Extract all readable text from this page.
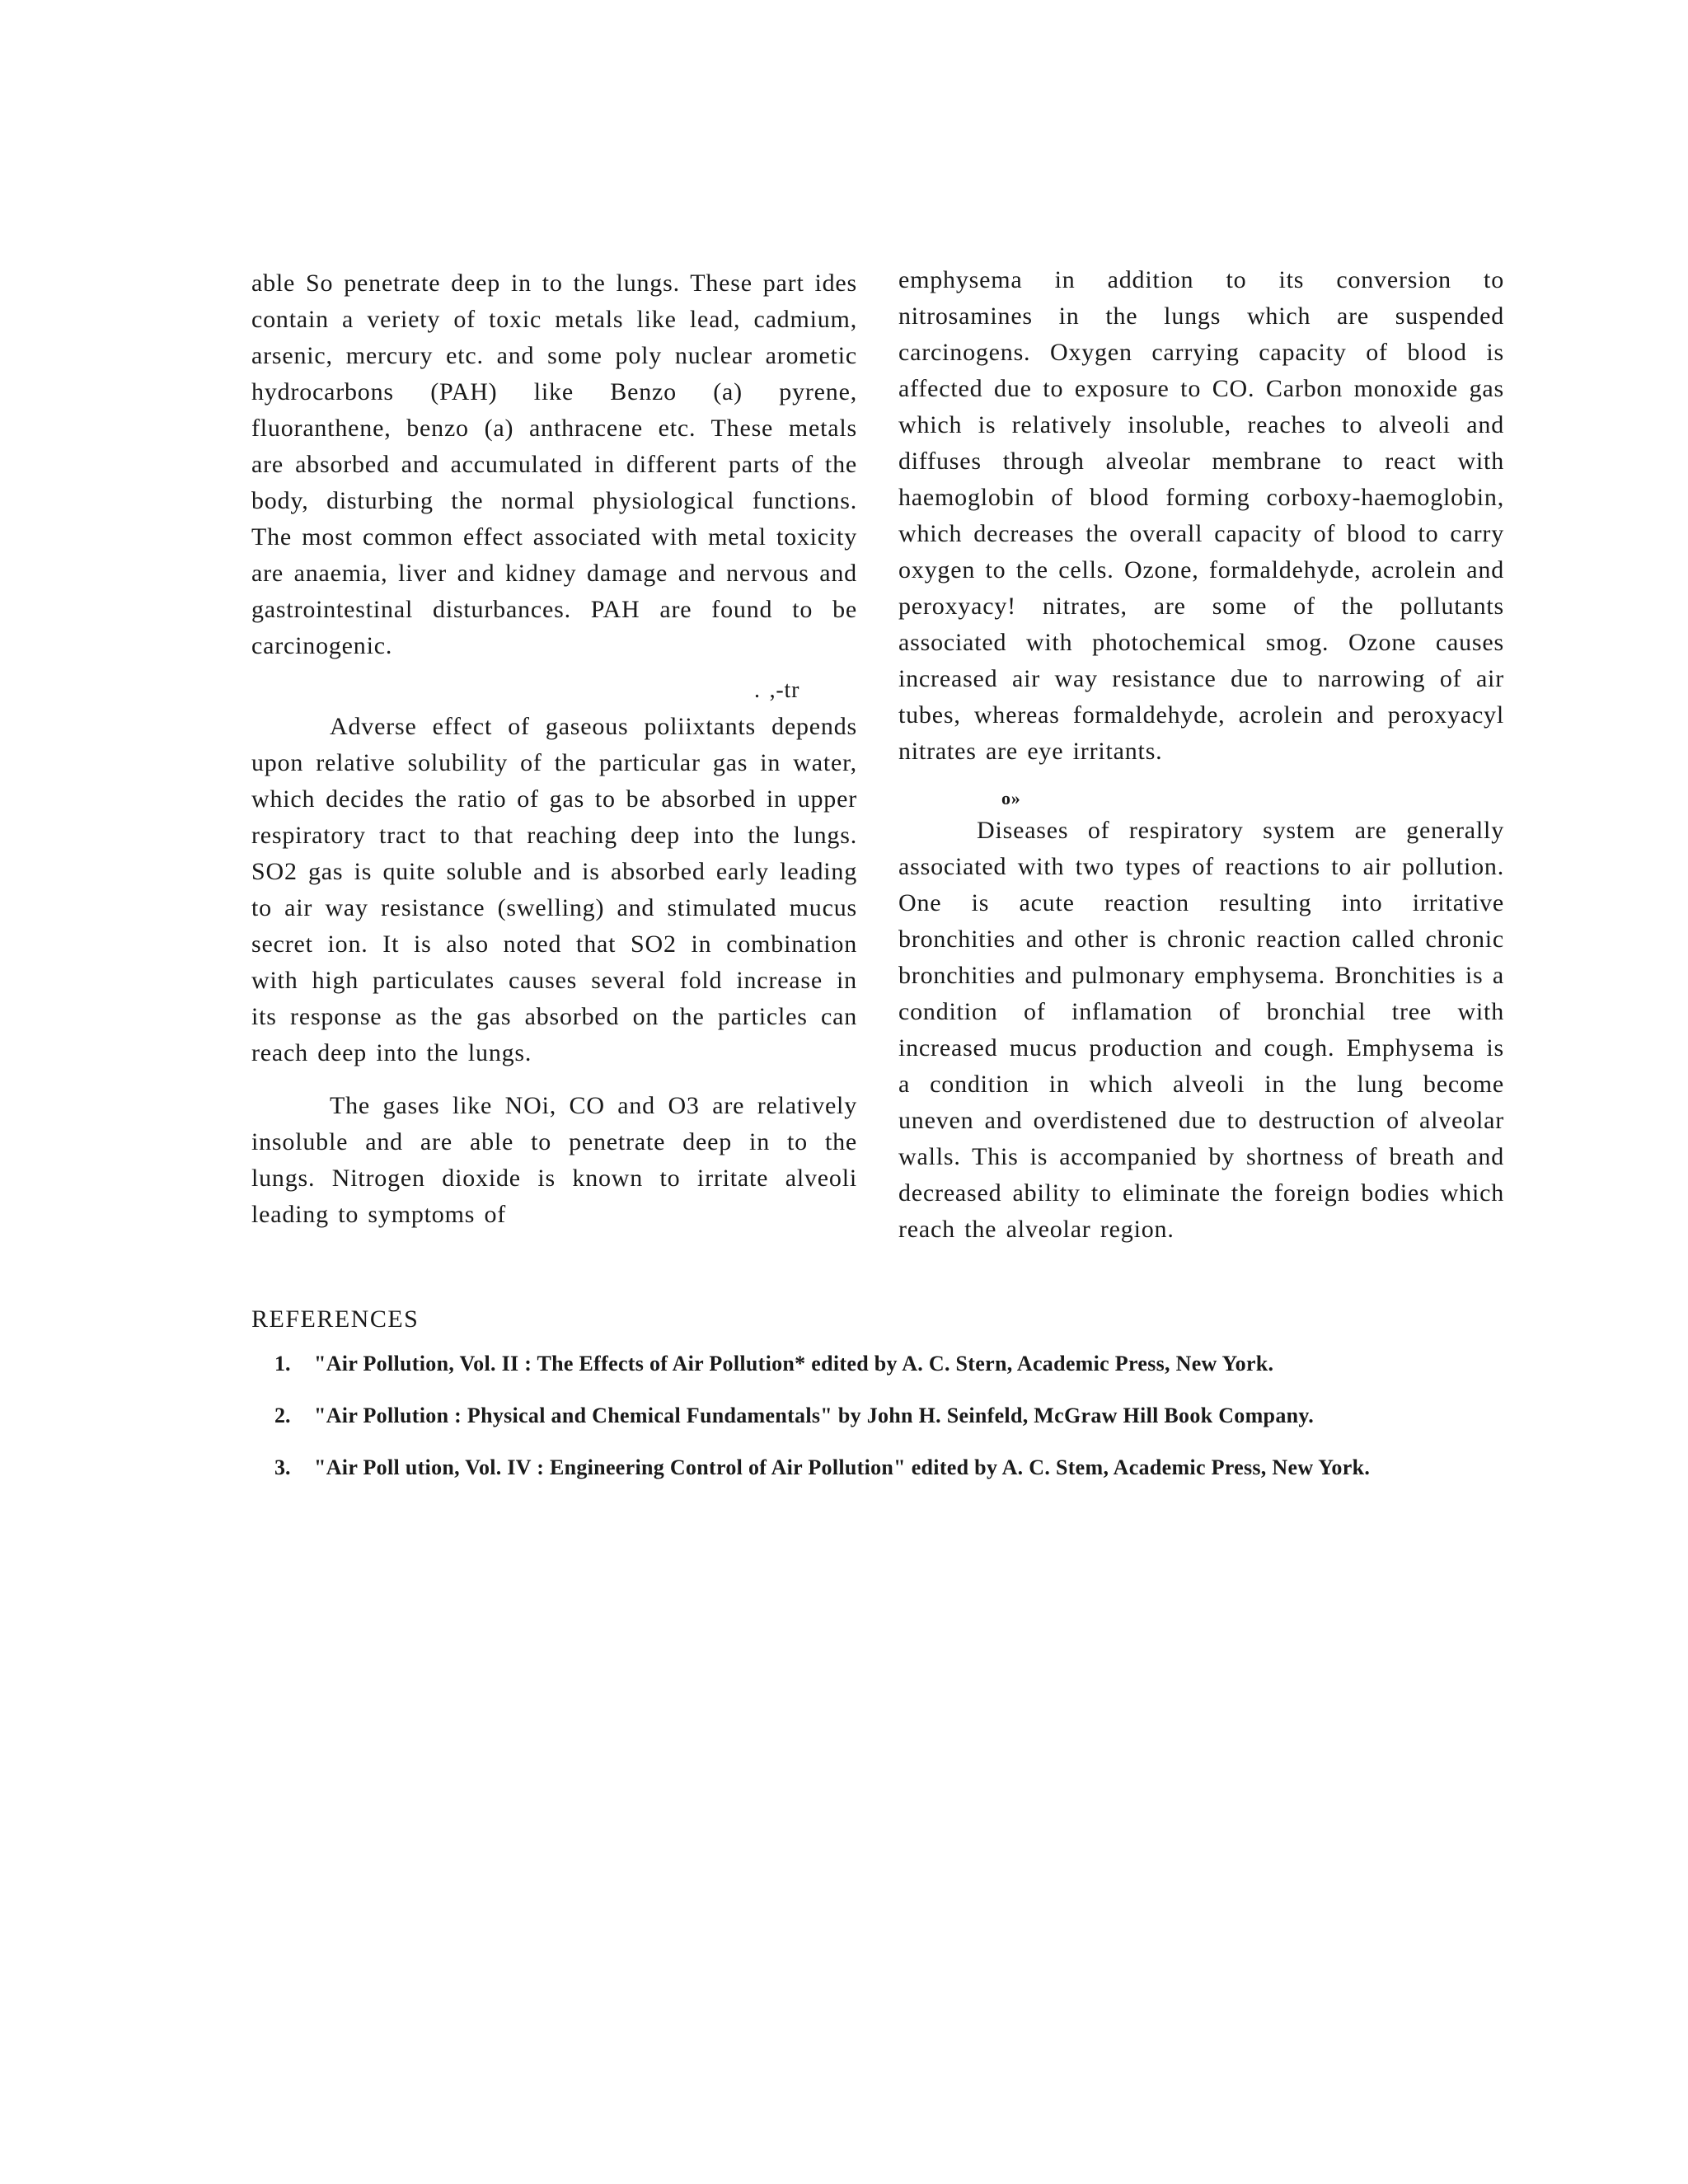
able So penetrate deep in to the lungs. These part ides contain a veriety of toxic metals like lead, cadmium, arsenic, mercury etc. and some poly nuclear arometic hydrocarbons (PAH) like Benzo (a) pyrene, fluoranthene, benzo (a) anthracene etc. These metals are absorbed and accumulated in different parts of the body, disturbing the normal physiological functions. The most common effect associated with metal toxicity are anaemia, liver and kidney damage and nervous and gastrointestinal disturbances. PAH are found to be carcinogenic.

. ,-tr

Adverse effect of gaseous poliixtants depends upon relative solubility of the particular gas in water, which decides the ratio of gas to be absorbed in upper respiratory tract to that reaching deep into the lungs. SO2 gas is quite soluble and is absorbed early leading to air way resistance (swelling) and stimulated mucus secret ion. It is also noted that SO2 in combination with high particulates causes several fold increase in its response as the gas absorbed on the particles can reach deep into the lungs.

The gases like NOi, CO and O3 are relatively insoluble and are able to penetrate deep in to the lungs. Nitrogen dioxide is known to irritate alveoli leading to symptoms of

emphysema in addition to its conversion to nitrosamines in the lungs which are suspended carcinogens. Oxygen carrying capacity of blood is affected due to exposure to CO. Carbon monoxide gas which is relatively insoluble, reaches to alveoli and diffuses through alveolar membrane to react with haemoglobin of blood forming corboxy-haemoglobin, which decreases the overall capacity of blood to carry oxygen to the cells. Ozone, formaldehyde, acrolein and peroxyacy! nitrates, are some of the pollutants associated with photochemical smog. Ozone causes increased air way resistance due to narrowing of air tubes, whereas formaldehyde, acrolein and peroxyacyl nitrates are eye irritants.

o»

Diseases of respiratory system are generally associated with two types of reactions to air pollution. One is acute reaction resulting into irritative bronchities and other is chronic reaction called chronic bronchities and pulmonary emphysema. Bronchities is a condition of inflamation of bronchial tree with increased mucus production and cough. Emphysema is a condition in which alveoli in the lung become uneven and overdistened due to destruction of alveolar walls. This is accompanied by shortness of breath and decreased ability to eliminate the foreign bodies which reach the alveolar region.

REFERENCES
1.	"Air Pollution, Vol. II : The Effects of Air Pollution* edited by A. C. Stern, Academic Press, New York.
2.	"Air Pollution : Physical and Chemical Fundamentals" by John H. Seinfeld, McGraw Hill Book Company.
3.	"Air Poll ution, Vol. IV : Engineering Control of Air Pollution" edited by A. C. Stem, Academic Press, New York.
